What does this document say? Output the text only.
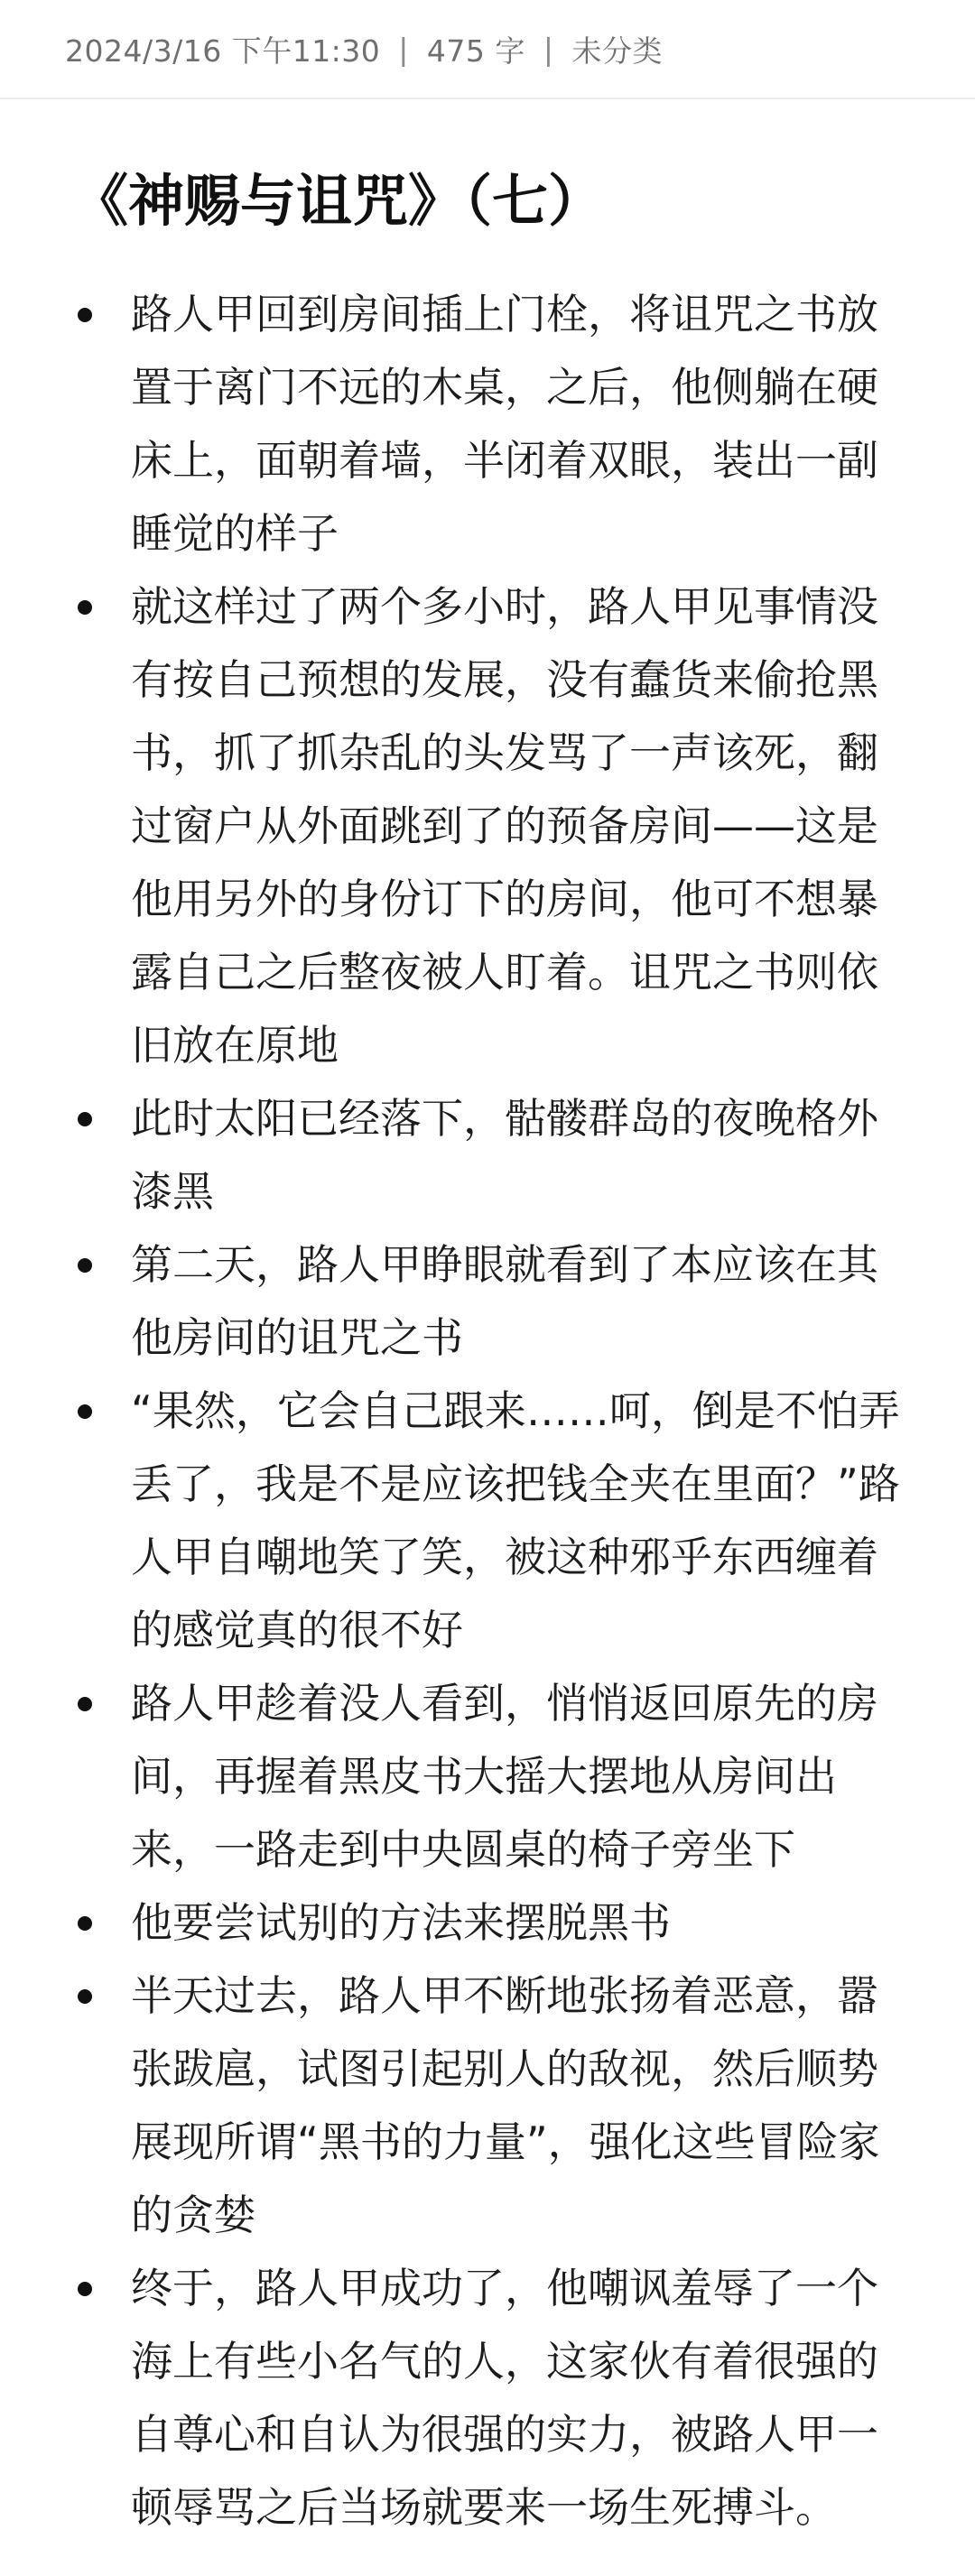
2024/3/16 下午11:30 | 475 字 | 未分类
《神赐与诅咒》（七）
路人甲回到房间插上门栓，将诅咒之书放置于离门不远的木桌，之后，他侧躺在硬床上，面朝着墙，半闭着双眼，装出一副睡觉的样子
就这样过了两个多小时，路人甲见事情没有按自己预想的发展，没有蠢货来偷抢黑书，抓了抓杂乱的头发骂了一声该死，翻过窗户从外面跳到了的预备房间——这是他用另外的身份订下的房间，他可不想暴露自己之后整夜被人盯着。诅咒之书则依旧放在原地
此时太阳已经落下，骷髅群岛的夜晚格外漆黑
第二天，路人甲睁眼就看到了本应该在其他房间的诅咒之书
“果然，它会自己跟来……呵，倒是不怕弄丢了，我是不是应该把钱全夹在里面？”路人甲自嘲地笑了笑，被这种邪乎东西缠着的感觉真的很不好
路人甲趁着没人看到，悄悄返回原先的房间，再握着黑皮书大摇大摆地从房间出来，一路走到中央圆桌的椅子旁坐下
他要尝试别的方法来摆脱黑书
半天过去，路人甲不断地张扬着恶意，嚣张跋扈，试图引起别人的敌视，然后顺势展现所谓“黑书的力量”，强化这些冒险家的贪婪
终于，路人甲成功了，他嘲讽羞辱了一个海上有些小名气的人，这家伙有着很强的自尊心和自认为很强的实力，被路人甲一顿辱骂之后当场就要来一场生死搏斗。
